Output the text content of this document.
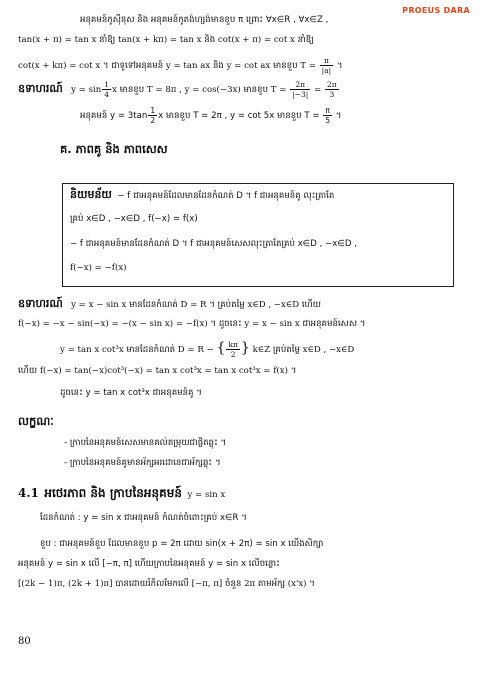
PROEUS DARA
អនុគមន៍កូស៊ីនុស និង​ អនុគមន៍កូតង់ហ្សង់មានខួប π ព្រោះ ∀x∈R , ∀x∈Z ,
tan(x + π) = tan x នាំឱ្យ tan(x + kπ) = tan x និង cot(x + π) = cot x នាំឱ្យ
cot(x + kπ) = cot x ។ ជាទូទៅអនុគមន៍ y = tan ax និង y = cot ax មានខួប $T = \frac{\pi}{|a|}$ ។
ឧទាហរណ៍ $y = \sin \frac{1}{4}$ x មានខួប T = 8π , y = cos(−3x) មានខួប $T = \frac{2\pi}{|-3|} = \frac{2\pi}{3}$
អនុគមន៍ $y = 3\tan \frac{1}{2}$ x មានខួប T = 2π , y = cot 5x មានខួប $T = \frac{\pi}{5}$ ។
គ. ភាពគូ និង​ ភាពសេស
និយមន័យ − f ជាអនុគមន៍ដែលមានដែនកំណត់ D ។ f ជាអនុគមន៍គូ លុះត្រាតែ
គ្រប់ x∈D , −x∈D , f(−x) = f(x)
− f ជាអនុគមន៍មានដែនកំណត់ D ។ f ជាអនុគមន៍សេសលុះត្រាតែគ្រប់ x∈D , −x∈D ,
f(−x) = −f(x)
ឧទាហរណ៍ y = x − sin x មានដែនកំណត់ D = R ។ គ្រប់តម្លៃ x∈D , −x∈D ហើយ
f(−x) = −x − sin(−x) = −(x − sin x) = −f(x) ។ ដូចនេះ y = x − sin x ជាអនុគមន៍សេស ។
y = tan x cot³x មានដែនកំណត់ D = R − { $\frac{k\pi}{2}$ } k∈Z គ្រប់តម្លៃ x∈D , −x∈D
ហើយ f(−x) = tan(−x)cot³(−x) = tan x cot³x = tan x cot³x = f(x) ។
ដូចនេះ y = tan x cot³x ជាអនុគមន៍គូ ។
លក្ខណៈ
- ក្រាបនៃអនុគមន៍សេសមានគល់តម្រុយជាផ្ចិតឆ្លុះ ។
- ក្រាបនៃអនុគមន៍គូមានអ័ក្សអរដោនេជាអ័ក្សឆ្លុះ ។
4.1 អថេរភាព និង​ ក្រាបនៃអនុគមន៍ y = sin x
ដែនកំណត់ : y = sin x ជាអនុគមន៍ កំណត់ចំពោះគ្រប់ x∈R ។
ខួប : ជាអនុគមន៍ខួប ដែលមានខួប p = 2π ដោយ sin(x + 2π) = sin x យើងសិក្សា
អនុគមន៍ y = sin x លើ [−π, π] ហើយក្រាបនៃអនុគមន៍ y = sin x លើចន្លោះ
[(2k − 1)π, (2k + 1)π] បានដោយរំកិលមែកលើ [−π, π] ចំនួន 2π តាមអ័ក្ស (x'x) ។
80
